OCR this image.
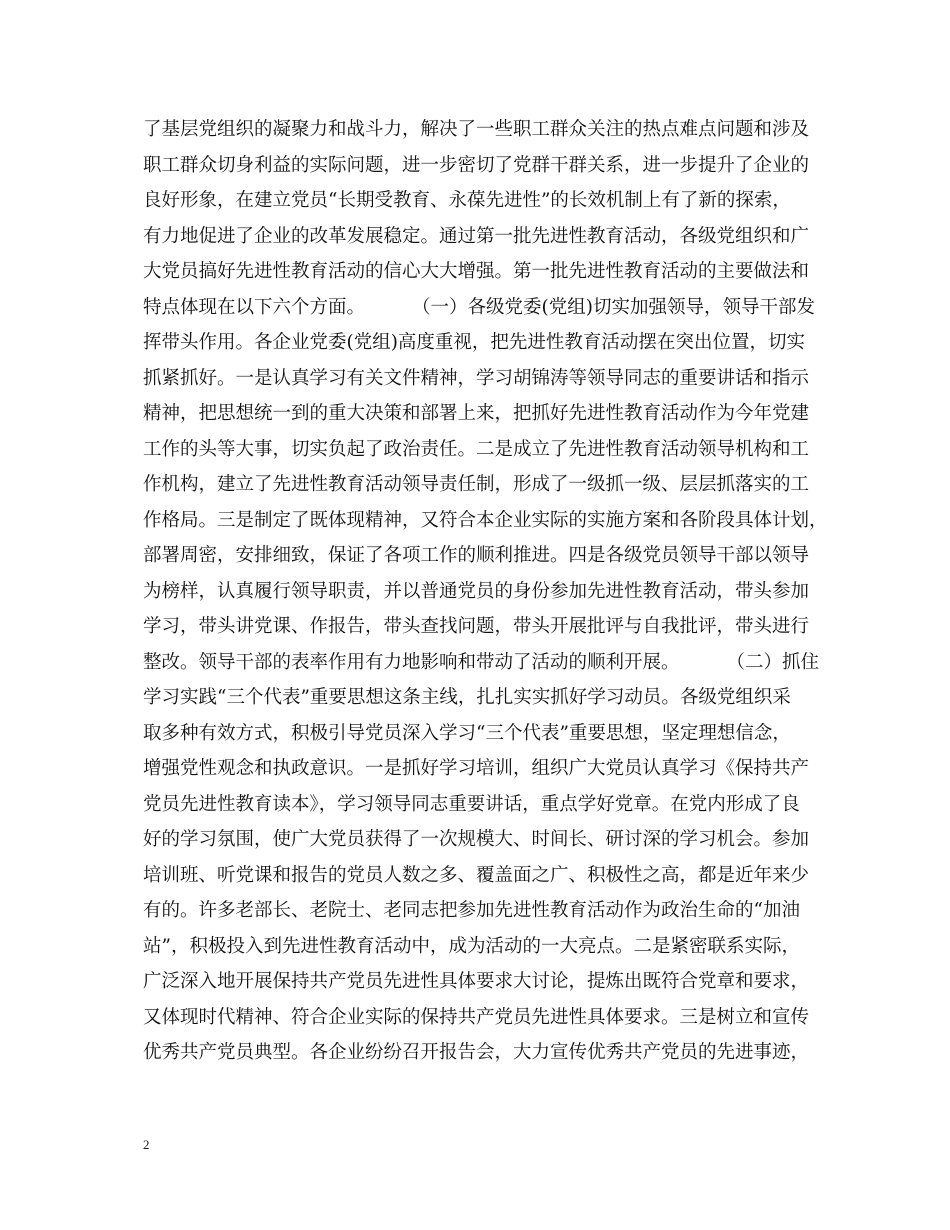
了基层党组织的凝聚力和战斗力，解决了一些职工群众关注的热点难点问题和涉及
职工群众切身利益的实际问题，进一步密切了党群干群关系，进一步提升了企业的
良好形象，在建立党员“长期受教育、永葆先进性”的长效机制上有了新的探索，
有力地促进了企业的改革发展稳定。通过第一批先进性教育活动，各级党组织和广
大党员搞好先进性教育活动的信心大大增强。第一批先进性教育活动的主要做法和
特点体现在以下六个方面。        （一）各级党委(党组)切实加强领导，领导干部发
挥带头作用。各企业党委(党组)高度重视，把先进性教育活动摆在突出位置，切实
抓紧抓好。一是认真学习有关文件精神，学习胡锦涛等领导同志的重要讲话和指示
精神，把思想统一到的重大决策和部署上来，把抓好先进性教育活动作为今年党建
工作的头等大事，切实负起了政治责任。二是成立了先进性教育活动领导机构和工
作机构，建立了先进性教育活动领导责任制，形成了一级抓一级、层层抓落实的工
作格局。三是制定了既体现精神，又符合本企业实际的实施方案和各阶段具体计划，
部署周密，安排细致，保证了各项工作的顺利推进。四是各级党员领导干部以领导
为榜样，认真履行领导职责，并以普通党员的身份参加先进性教育活动，带头参加
学习，带头讲党课、作报告，带头查找问题，带头开展批评与自我批评，带头进行
整改。领导干部的表率作用有力地影响和带动了活动的顺利开展。        （二）抓住
学习实践“三个代表”重要思想这条主线，扎扎实实抓好学习动员。各级党组织采
取多种有效方式，积极引导党员深入学习“三个代表”重要思想，坚定理想信念，
增强党性观念和执政意识。一是抓好学习培训，组织广大党员认真学习《保持共产
党员先进性教育读本》，学习领导同志重要讲话，重点学好党章。在党内形成了良
好的学习氛围，使广大党员获得了一次规模大、时间长、研讨深的学习机会。参加
培训班、听党课和报告的党员人数之多、覆盖面之广、积极性之高，都是近年来少
有的。许多老部长、老院士、老同志把参加先进性教育活动作为政治生命的“加油
站”，积极投入到先进性教育活动中，成为活动的一大亮点。二是紧密联系实际，
广泛深入地开展保持共产党员先进性具体要求大讨论，提炼出既符合党章和要求，
又体现时代精神、符合企业实际的保持共产党员先进性具体要求。三是树立和宣传
优秀共产党员典型。各企业纷纷召开报告会，大力宣传优秀共产党员的先进事迹，
2
